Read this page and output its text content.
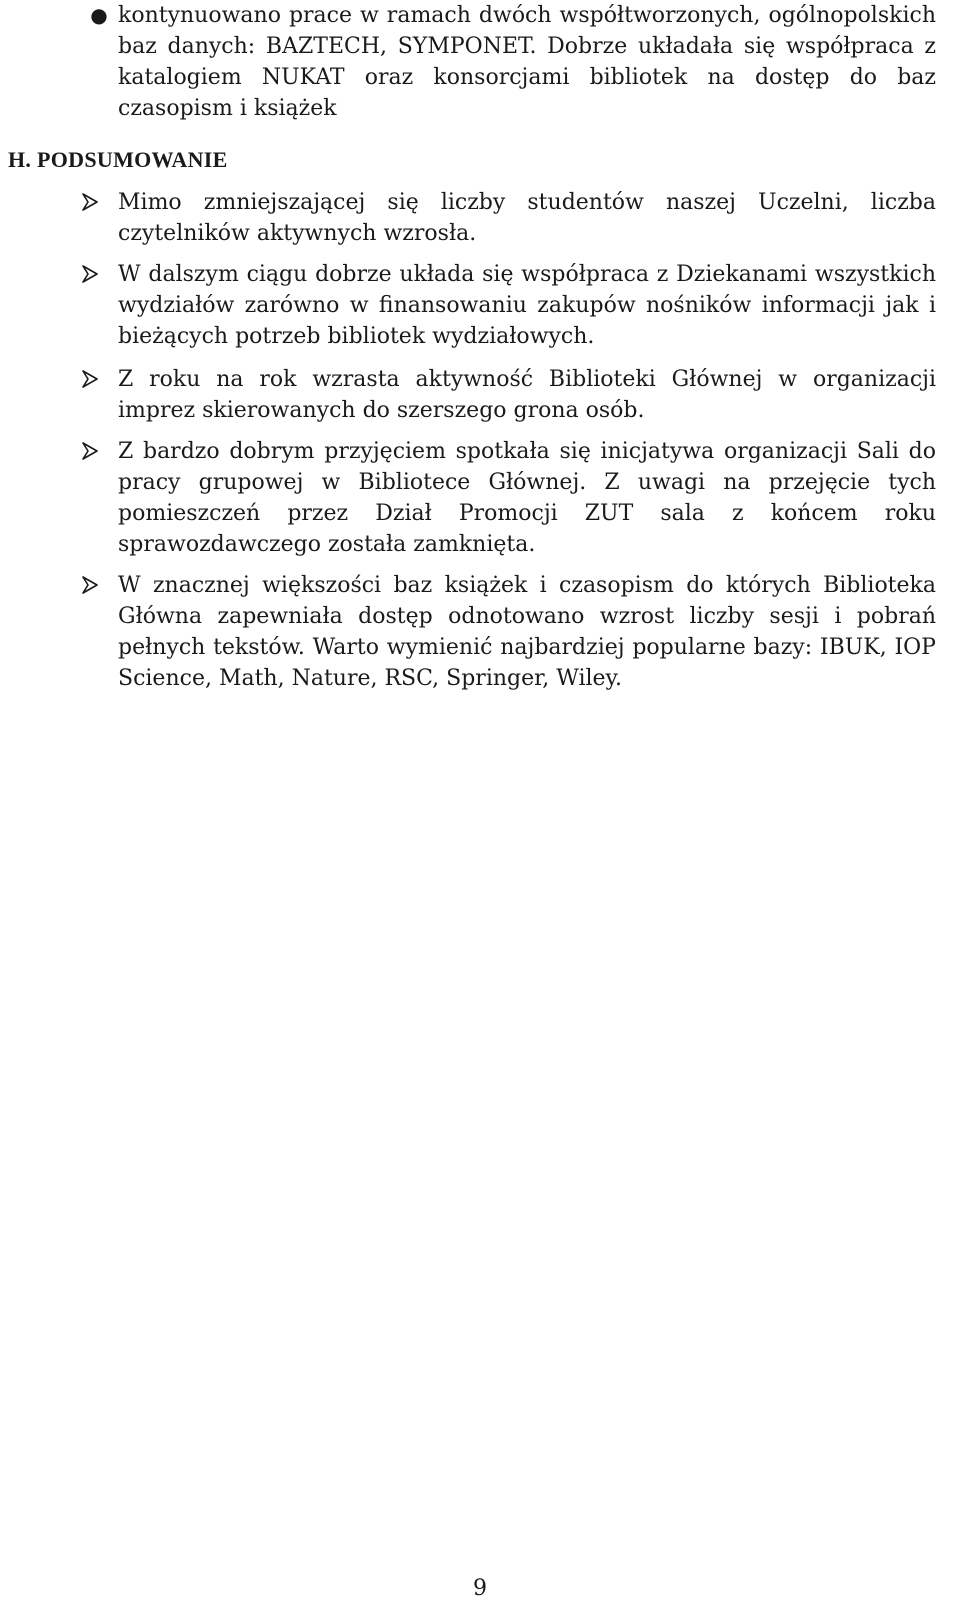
● kontynuowano prace w ramach dwóch współtworzonych, ogólnopolskich baz danych: BAZTECH, SYMPONET. Dobrze układała się współpraca z katalogiem NUKAT oraz konsorcjami bibliotek na dostęp do baz czasopism i książek

H. PODSUMOWANIE

Mimo zmniejszającej się liczby studentów naszej Uczelni, liczba czytelników aktywnych wzrosła.

W dalszym ciągu dobrze układa się współpraca z Dziekanami wszystkich wydziałów zarówno w finansowaniu zakupów nośników informacji jak i bieżących potrzeb bibliotek wydziałowych.

Z roku na rok wzrasta aktywność Biblioteki Głównej w organizacji imprez skierowanych do szerszego grona osób.

Z bardzo dobrym przyjęciem spotkała się inicjatywa organizacji Sali do pracy grupowej w Bibliotece Głównej. Z uwagi na przejęcie tych pomieszczeń przez Dział Promocji ZUT sala z końcem roku sprawozdawczego została zamknięta.

W znacznej większości baz książek i czasopism do których Biblioteka Główna zapewniała dostęp odnotowano wzrost liczby sesji i pobrań pełnych tekstów. Warto wymienić najbardziej popularne bazy: IBUK, IOP Science, Math, Nature, RSC, Springer, Wiley.

9
